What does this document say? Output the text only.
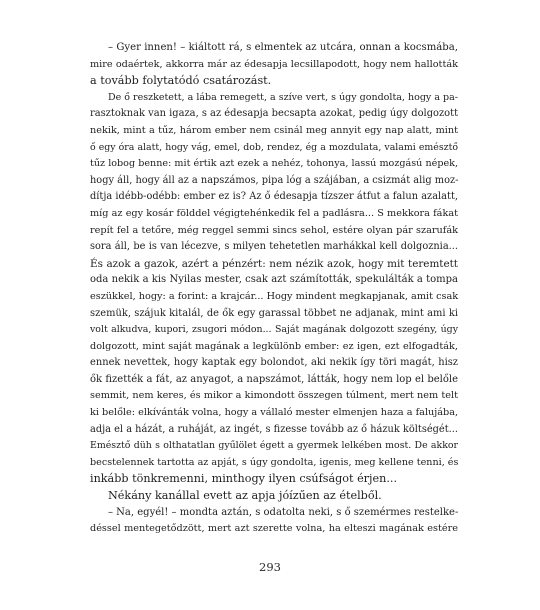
– Gyer innen! – kiáltott rá, s elmentek az utcára, onnan a kocsmába,
mire odaértek, akkorra már az édesapja lecsillapodott, hogy nem hallották
a tovább folytatódó csatározást.
De ő reszketett, a lába remegett, a szíve vert, s úgy gondolta, hogy a pa-
rasztoknak van igaza, s az édesapja becsapta azokat, pedig úgy dolgozott
nekik, mint a tűz, három ember nem csinál meg annyit egy nap alatt, mint
ő egy óra alatt, hogy vág, emel, dob, rendez, ég a mozdulata, valami emésztő
tűz lobog benne: mit értik azt ezek a nehéz, tohonya, lassú mozgású népek,
hogy áll, hogy áll az a napszámos, pipa lóg a szájában, a csizmát alig moz-
dítja idébb-odébb: ember ez is? Az ő édesapja tízszer átfut a falun azalatt,
míg az egy kosár földdel végigtehénkedik fel a padlásra... S mekkora fákat
repít fel a tetőre, még reggel semmi sincs sehol, estére olyan pár szarufák
sora áll, be is van lécezve, s milyen tehetetlen marhákkal kell dolgoznia...
És azok a gazok, azért a pénzért: nem nézik azok, hogy mit teremtett
oda nekik a kis Nyilas mester, csak azt számították, spekulálták a tompa
eszükkel, hogy: a forint: a krajcár... Hogy mindent megkapjanak, amit csak
szemük, szájuk kitalál, de ők egy garassal többet ne adjanak, mint ami ki
volt alkudva, kupori, zsugori módon... Saját magának dolgozott szegény, úgy
dolgozott, mint saját magának a legkülönb ember: ez igen, ezt elfogadták,
ennek nevettek, hogy kaptak egy bolondot, aki nekik így töri magát, hisz
ők fizették a fát, az anyagot, a napszámot, látták, hogy nem lop el belőle
semmit, nem keres, és mikor a kimondott összegen túlment, mert nem telt
ki belőle: elkívánták volna, hogy a vállaló mester elmenjen haza a falujába,
adja el a házát, a ruháját, az ingét, s fizesse tovább az ő házuk költségét...
Emésztő düh s olthatatlan gyűlölet égett a gyermek lelkében most. De akkor
becstelennek tartotta az apját, s úgy gondolta, igenis, meg kellene tenni, és
inkább tönkremenni, minthogy ilyen csúfságot érjen...
Nékány kanállal evett az apja jóízűen az ételből.
– Na, egyél! – mondta aztán, s odatolta neki, s ő szemérmes restelke-
déssel mentegetődzött, mert azt szerette volna, ha elteszi magának estére
293
